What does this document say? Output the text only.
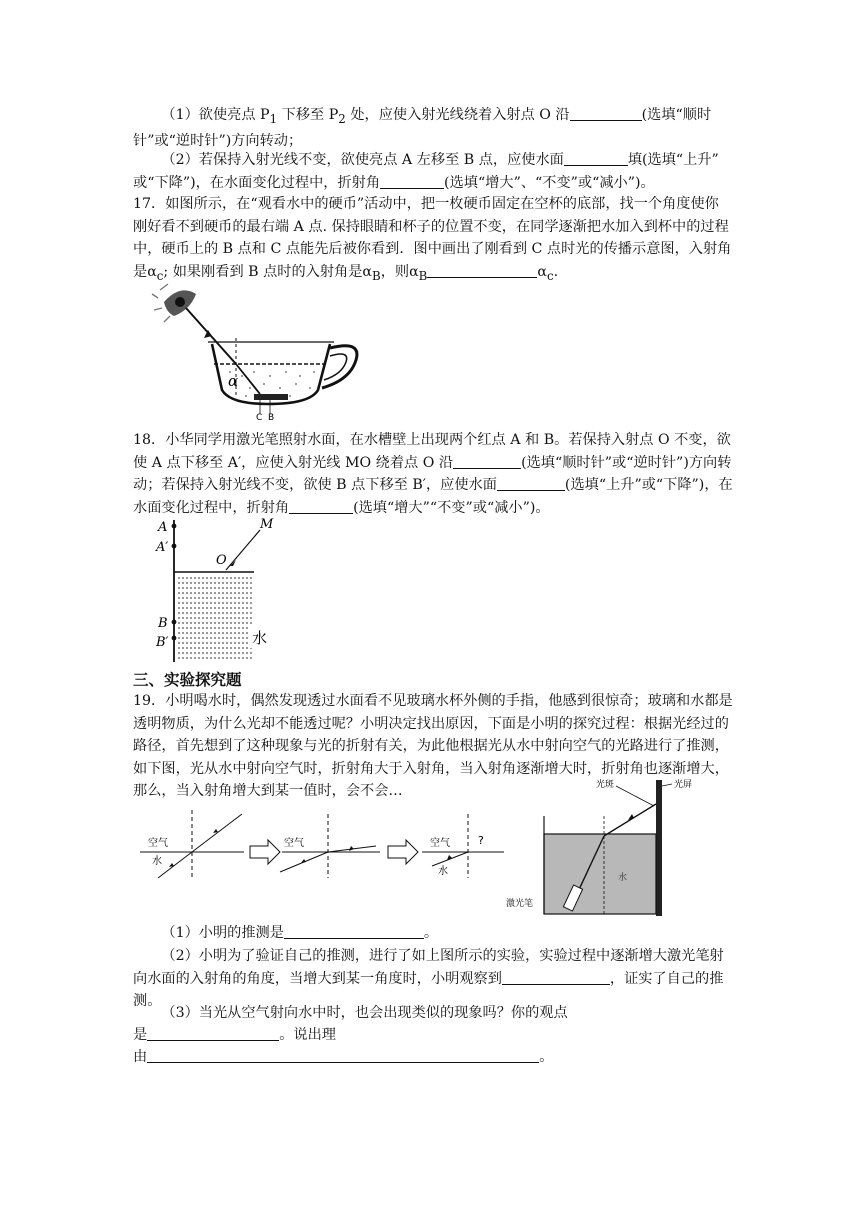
（1）欲使亮点 $P_1$ 下移至 $P_2$ 处，应使入射光线绕着入射点 O 沿	(选填“顺时针”或“逆时针”)方向转动；

（2）若保持入射光线不变，欲使亮点 A 左移至 B 点，应使水面	填(选填“上升” 或“下降”)，在水面变化过程中，折射角	(选填“增大”、“不变”或“减小”)。

17．如图所示，在“观看水中的硬币”活动中，把一枚硬币固定在空杯的底部，找一个角度使你刚好看不到硬币的最右端 A 点. 保持眼睛和杯子的位置不变，在同学逐渐把水加入到杯中的过程中，硬币上的 B 点和 C 点能先后被你看到．图中画出了刚看到 C 点时光的传播示意图，入射角是$\alpha_c$; 如果刚看到 B 点时的入射角是$\alpha_B$，则$\alpha_B$	$\alpha_c$.

α
C B

18．小华同学用激光笔照射水面，在水槽壁上出现两个红点 A 和 B。若保持入射点 O 不变，欲使 A 点下移至 A′，应使入射光线 MO 绕着点 O 沿	(选填“顺时针”或“逆时针”)方向转动；若保持入射光线不变，欲使 B 点下移至 B′，应使水面	(选填“上升”或“下降”)，在水面变化过程中，折射角	(选填“增大”“不变”或“减小”)。

A
A′
B
B′
M
O
水
三、实验探究题

19．小明喝水时，偶然发现透过水面看不见玻璃水杯外侧的手指，他感到很惊奇；玻璃和水都是透明物质，为什么光却不能透过呢？小明决定找出原因，下面是小明的探究过程：根据光经过的路径，首先想到了这种现象与光的折射有关，为此他根据光从水中射向空气的光路进行了推测，如下图，光从水中射向空气时，折射角大于入射角，当入射角逐渐增大时，折射角也逐渐增大，那么，当入射角增大到某一值时，会不会…

空气
水
空气	空气
水
?
光屏
光斑
水
激光笔

（1）小明的推测是	。

（2）小明为了验证自己的推测，进行了如上图所示的实验，实验过程中逐渐增大激光笔射向水面的入射角的角度，当增大到某一角度时，小明观察到	，证实了自己的推测。

（3）当光从空气射向水中时，也会出现类似的现象吗？你的观点

是	。说出理

由	。
